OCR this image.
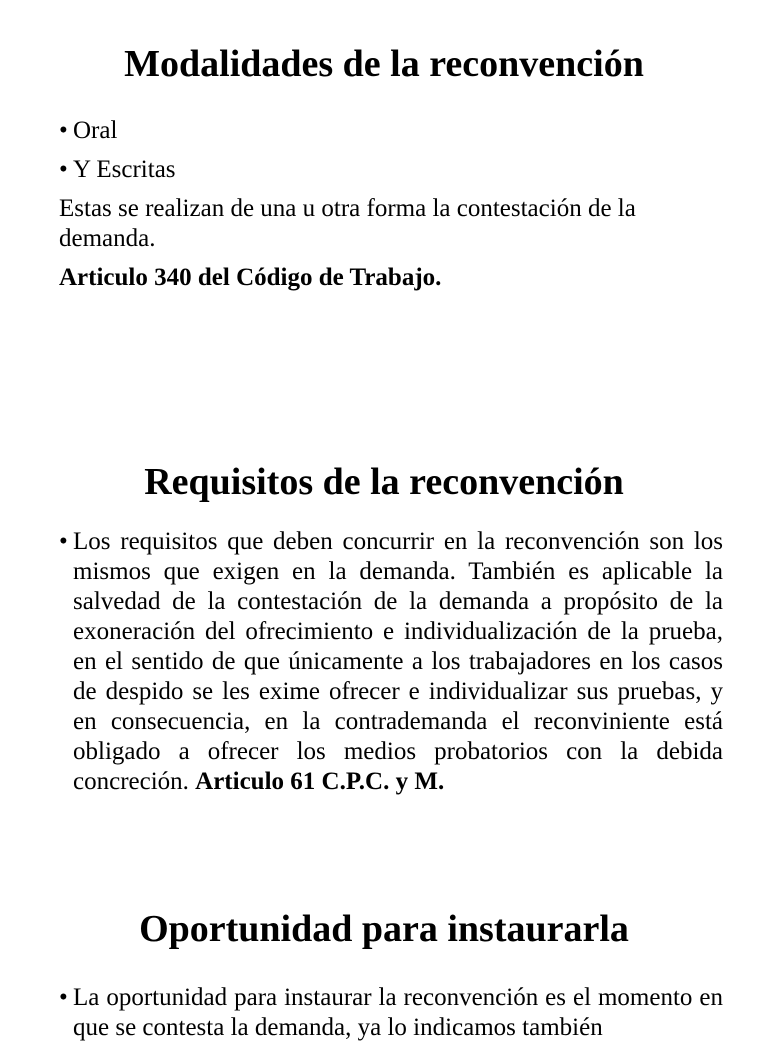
Modalidades de la reconvención
• Oral
• Y Escritas

Estas se realizan de una u otra forma la contestación de la demanda.

Articulo 340 del Código de Trabajo.

Requisitos de la reconvención
• Los requisitos que deben concurrir en la reconvención son los mismos que exigen en la demanda. También es aplicable la salvedad de la contestación de la demanda a propósito de la exoneración del ofrecimiento e individualización de la prueba, en el sentido de que únicamente a los trabajadores en los casos de despido se les exime ofrecer e individualizar sus pruebas, y en consecuencia, en la contrademanda el reconviniente está obligado a ofrecer los medios probatorios con la debida concreción. Articulo 61 C.P.C. y M.
Oportunidad para instaurarla
• La oportunidad para instaurar la reconvención es el momento en que se contesta la demanda, ya lo indicamos también
